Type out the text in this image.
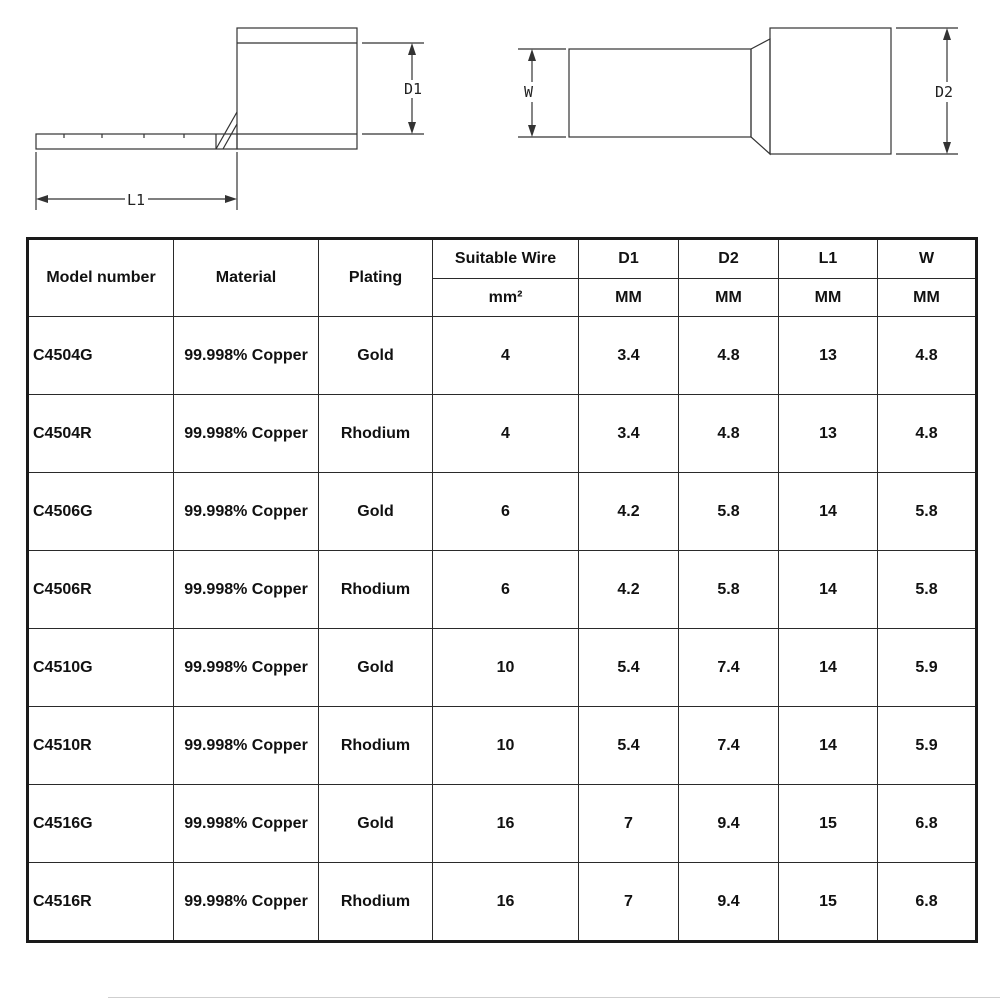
D1
L1
W	D2
Model number	Material	Plating	Suitable Wire	D1	D2	L1	W
			mm²	MM	MM	MM	MM
C4504G	99.998% Copper	Gold	4	3.4	4.8	13	4.8
C4504R	99.998% Copper	Rhodium	4	3.4	4.8	13	4.8
C4506G	99.998% Copper	Gold	6	4.2	5.8	14	5.8
C4506R	99.998% Copper	Rhodium	6	4.2	5.8	14	5.8
C4510G	99.998% Copper	Gold	10	5.4	7.4	14	5.9
C4510R	99.998% Copper	Rhodium	10	5.4	7.4	14	5.9
C4516G	99.998% Copper	Gold	16	7	9.4	15	6.8
C4516R	99.998% Copper	Rhodium	16	7	9.4	15	6.8
